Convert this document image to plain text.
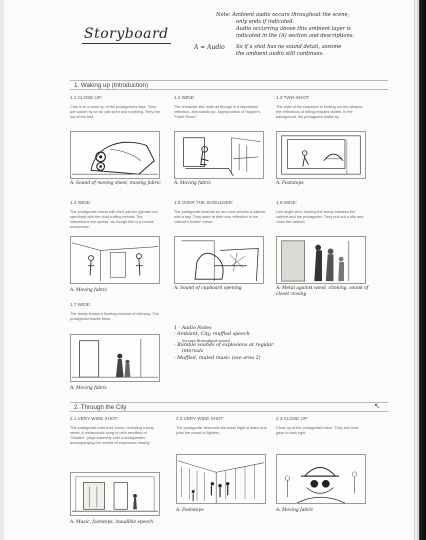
Storyboard
A = Audio
Note: Ambient audio occurs throughout the scene,
only ends if indicated.
Audio occurring above this ambient layer is
indicated in the (A) section and descriptions.
So if a shot has no sound detail, assume
the ambient audio still continues.
1. Waking up (Introduction)
1.1 CLOSE UP:
Cuts in to a close up of the protagonist's face. They are woken by an air raid siren and rumbling. They rise out of the bed.
A: Sound of moving sheet, moving fabric
1.2 WIDE:
The character sits, wide as though in a depressed reflection, and stands up. Appropriation of Hopper's "Hotel Room"
A: Moving fabric
1.3 TWO-SHOT:
The child of the character is looking out the window, the reflections of falling missiles visible. In the background, the protagonist walks by.
A: Footsteps
1.4 WIDE:
The protagonist meets with their partner (gender not specified) with the child trailing behind. The interactions are sparse, as though this is a routine occurrence.
A: Moving fabric
1.5 OVER THE SHOULDER:
The protagonist extends an arm and unlocks a cabinet with a key. They stare at their own reflection in the cabinet's broken mirror.
A: Sound of cupboard opening
1.6 WIDE:
Low angle shot, framing the family between the cabinet and the protagonist. They pull out a rifle and close the cabinet.
A: Metal against wood, clinking, sound of closet closing
1.7 WIDE:
The family shares a fleeting moment of intimacy. The protagonist leaves them.
A: Moving fabric
1 - Audio Notes
- Ambient, City, muffled speech
(occurs throughout scene)
- Rumble sounds of explosions at regular
intervals
- Muffled, muted music (see area 2)
2. Through the City	↖
2.1 VERY WIDE SHOT:
The protagonist exits their home, revealing a busy street. A melancholic song in cello rendition of "Mawtini" plays solemnly over a loudspeaker, accompanying the rumble of explosions nearby.
A: Music, footsteps, inaudible speech
2.2 VERY WIDE SHOT:
The protagonist descends the small flight of stairs and joins the crowd of fighters.
A: Footsteps
2.3 CLOSE UP:
Close up of the protagonist's face. They turn their gaze to their right.
A: Moving fabric
